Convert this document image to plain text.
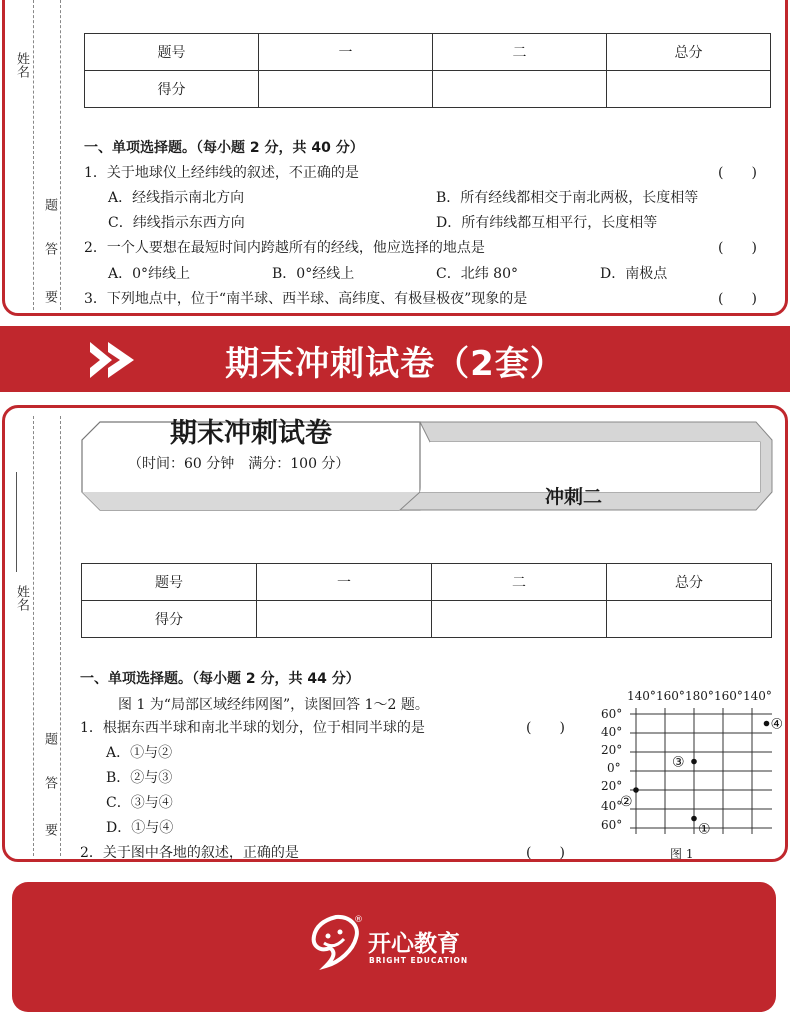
姓名
题
答
要
题号	一	二	总分
得分			
一、单项选择题。（每小题 2 分，共 40 分）
1．关于地球仪上经纬线的叙述，不正确的是	(　　)
A．经线指示南北方向	B．所有经线都相交于南北两极，长度相等
C．纬线指示东西方向	D．所有纬线都互相平行，长度相等
2．一个人要想在最短时间内跨越所有的经线，他应选择的地点是	(　　)
A．0°纬线上	B．0°经线上	C．北纬 80°	D．南极点
3．下列地点中，位于“南半球、西半球、高纬度、有极昼极夜”现象的是	(　　)
期末冲刺试卷（2套）
姓名
题
答
要
期末冲刺试卷
（时间：60 分钟　满分：100 分）
冲刺二
题号	一	二	总分
得分			
一、单项选择题。（每小题 2 分，共 44 分）
图 1 为“局部区域经纬网图”，读图回答 1～2 题。
1．根据东西半球和南北半球的划分，位于相同半球的是	(　　)
A．①与②
B．②与③
C．③与④
D．①与④
2．关于图中各地的叙述，正确的是	(　　)
140° 160° 180° 160° 140°
60°
40°
20°
0°
20°
40°
60°
④
③
②
①
图 1
®
开心教育
BRIGHT EDUCATION
